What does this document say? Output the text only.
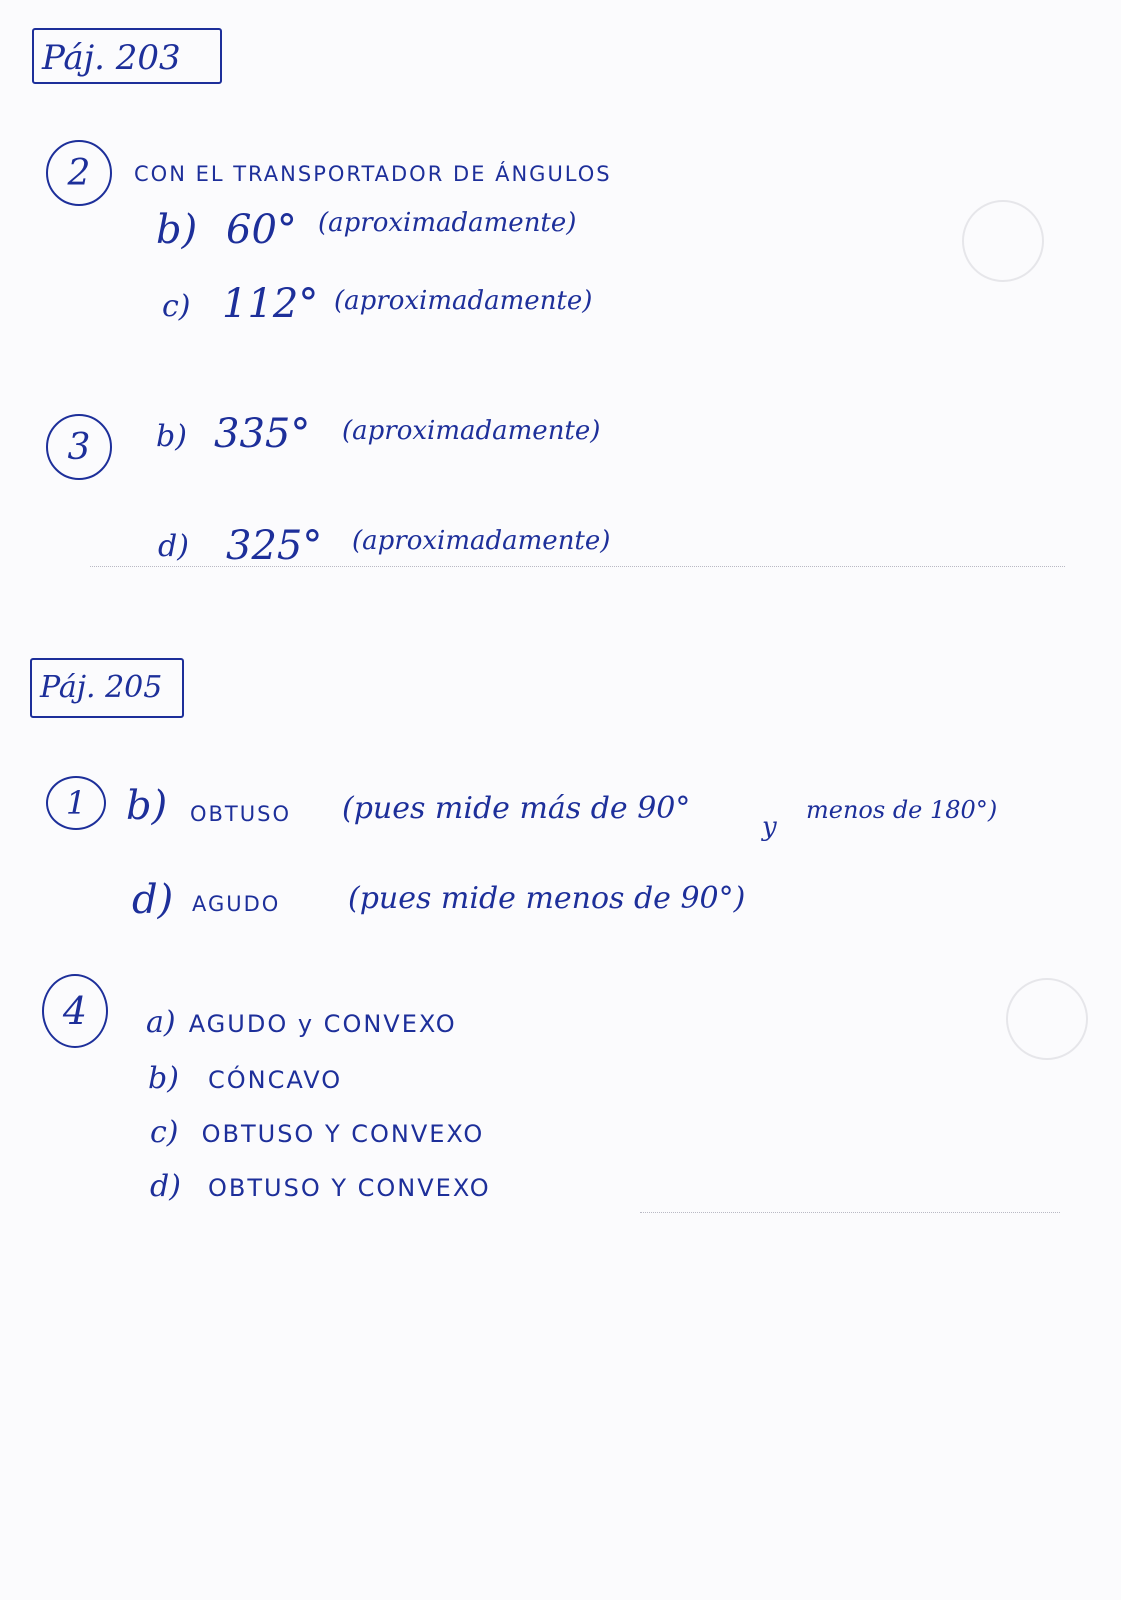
Páj. 203
2 CON EL TRANSPORTADOR DE ÁNGULOS
b) 60° (aproximadamente)
c) 112° (aproximadamente)
3 b) 335° (aproximadamente)
d) 325° (aproximadamente)
Páj. 205
1 b) OBTUSO (pues mide más de 90°
y
menos de 180°)
d) AGUDO (pues mide menos de 90°)
4 a) AGUDO y CONVEXO
b) CÓNCAVO
c) OBTUSO Y CONVEXO
d) OBTUSO Y CONVEXO
